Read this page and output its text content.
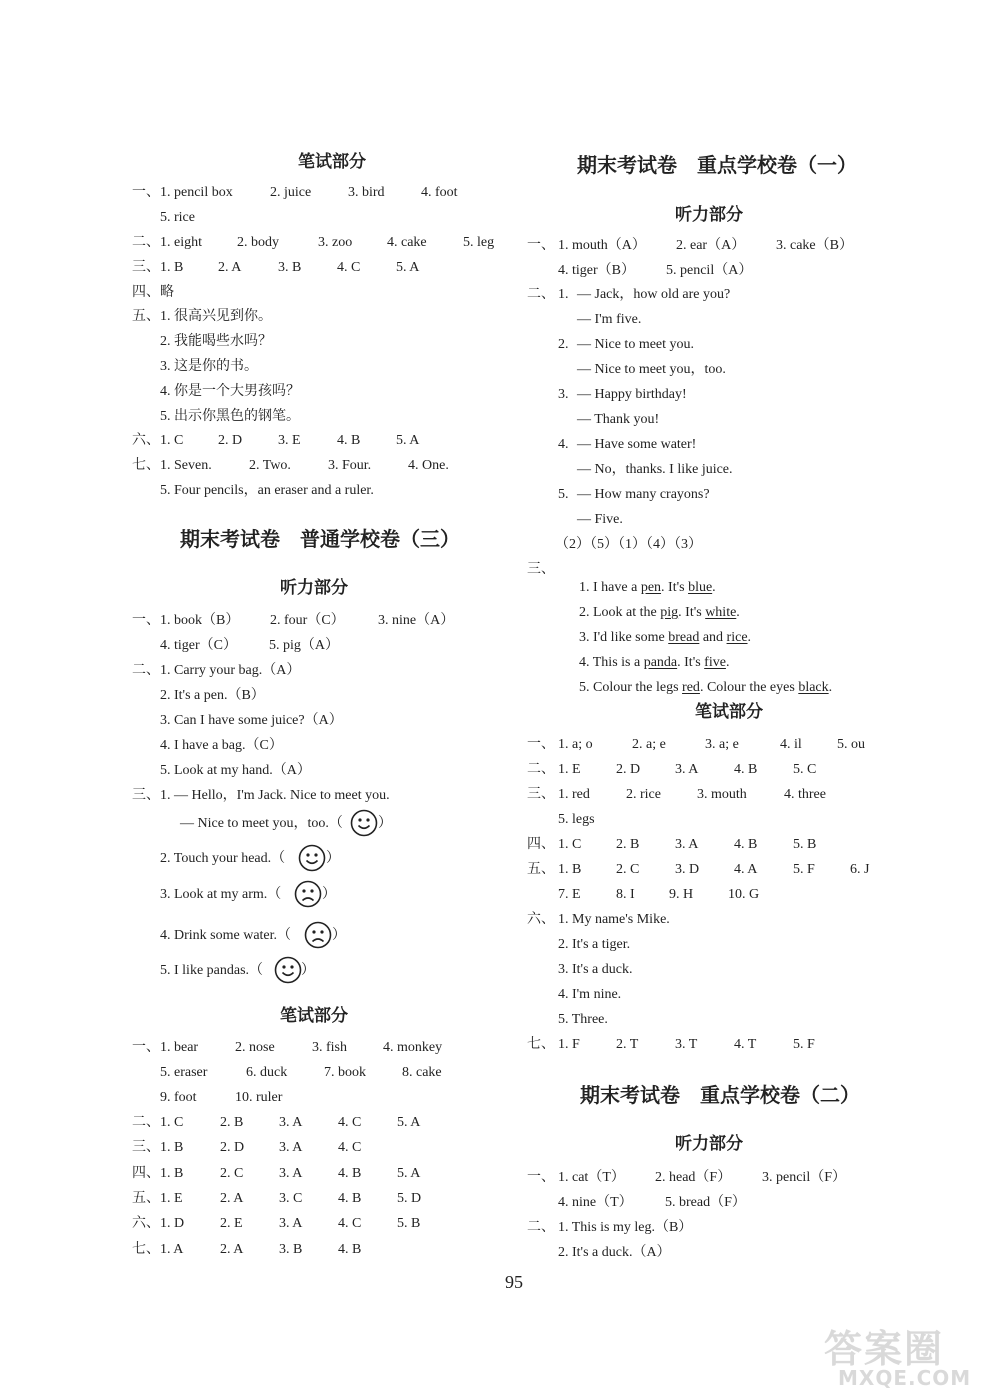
笔试部分
一、 1. pencil box	2. juice	3. bird	4. foot
5. rice
二、 1. eight	2. body	3. zoo 4. cake	5. leg
三、 1. B 2. A	3. B	4. C	5. A
四、 略
五、 1. 很高兴见到你。
2. 我能喝些水吗？
3. 这是你的书。
4. 你是一个大男孩吗？
5. 出示你黑色的钢笔。
六、 1. C 2. D	3. E	4. B	5. A
七、 1. Seven.	2. Two.	3. Four.	4. One.
5. Four pencils，an eraser and a ruler.
期末考试卷　普通学校卷（三）
听力部分
一、 1. book（B） 2. four（C） 3. nine（A）
4. tiger（C） 5. pig（A）
二、 1. Carry your bag.（A）
2. It's a pen.（B）
3. Can I have some juice?（A）
4. I have a bag.（C）
5. Look at my hand.（A）
三、 1. — Hello，I'm Jack. Nice to meet you.
— Nice to meet you，too.（	）
2. Touch your head.（	）
3. Look at my arm.（	）
4. Drink some water.（	）
5. I like pandas.（	）
笔试部分
一、 1. bear	2. nose	3. fish	4. monkey
5. eraser	6. duck	7. book	8. cake
9. foot	10. ruler
二、 1. C	2. B	3. A	4. C	5. A
三、 1. B	2. D 3. A	4. C
四、 1. B	2. C	3. A	4. B	5. A
五、 1. E	2. A	3. C	4. B	5. D
六、 1. D	2. E	3. A	4. C	5. B
七、 1. A	2. A	3. B	4. B
期末考试卷　重点学校卷（一）
听力部分
一、 1. mouth（A） 2. ear（A） 3. cake（B）
4. tiger（B） 5. pencil（A）
二、 1. — Jack，how old are you?
— I'm five.
2. — Nice to meet you.
— Nice to meet you，too.
3. — Happy birthday!
— Thank you!
4. — Have some water!
— No，thanks. I like juice.
5. — How many crayons?
— Five.
（2）（5）（1）（4）（3）
三、

1. I have a pen. It's blue.

2. Look at the pig. It's white.

3. I'd like some bread and rice.

4. This is a panda. It's five.

5. Colour the legs red. Colour the eyes black.

笔试部分
一、 1. a; o	2. a; e	3. a; e	4. il	5. ou
二、 1. E	2. D 3. A	4. B	5. C
三、 1. red	2. rice	3. mouth	4. three
5. legs
四、 1. C 2. B	3. A	4. B	5. B
五、 1. B 2. C	3. D 4. A	5. F	6. J
7. E	8. I 9. H 10. G
六、 1. My name's Mike.
2. It's a tiger.
3. It's a duck.
4. I'm nine.
5. Three.
七、 1. F	2. T	3. T	4. T	5. F
期末考试卷　重点学校卷（二）
听力部分
一、 1. cat（T） 2. head（F） 3. pencil（F）
4. nine（T） 5. bread（F）
二、 1. This is my leg.（B）
2. It's a duck.（A）
95
答案圈
MXQE.COM
